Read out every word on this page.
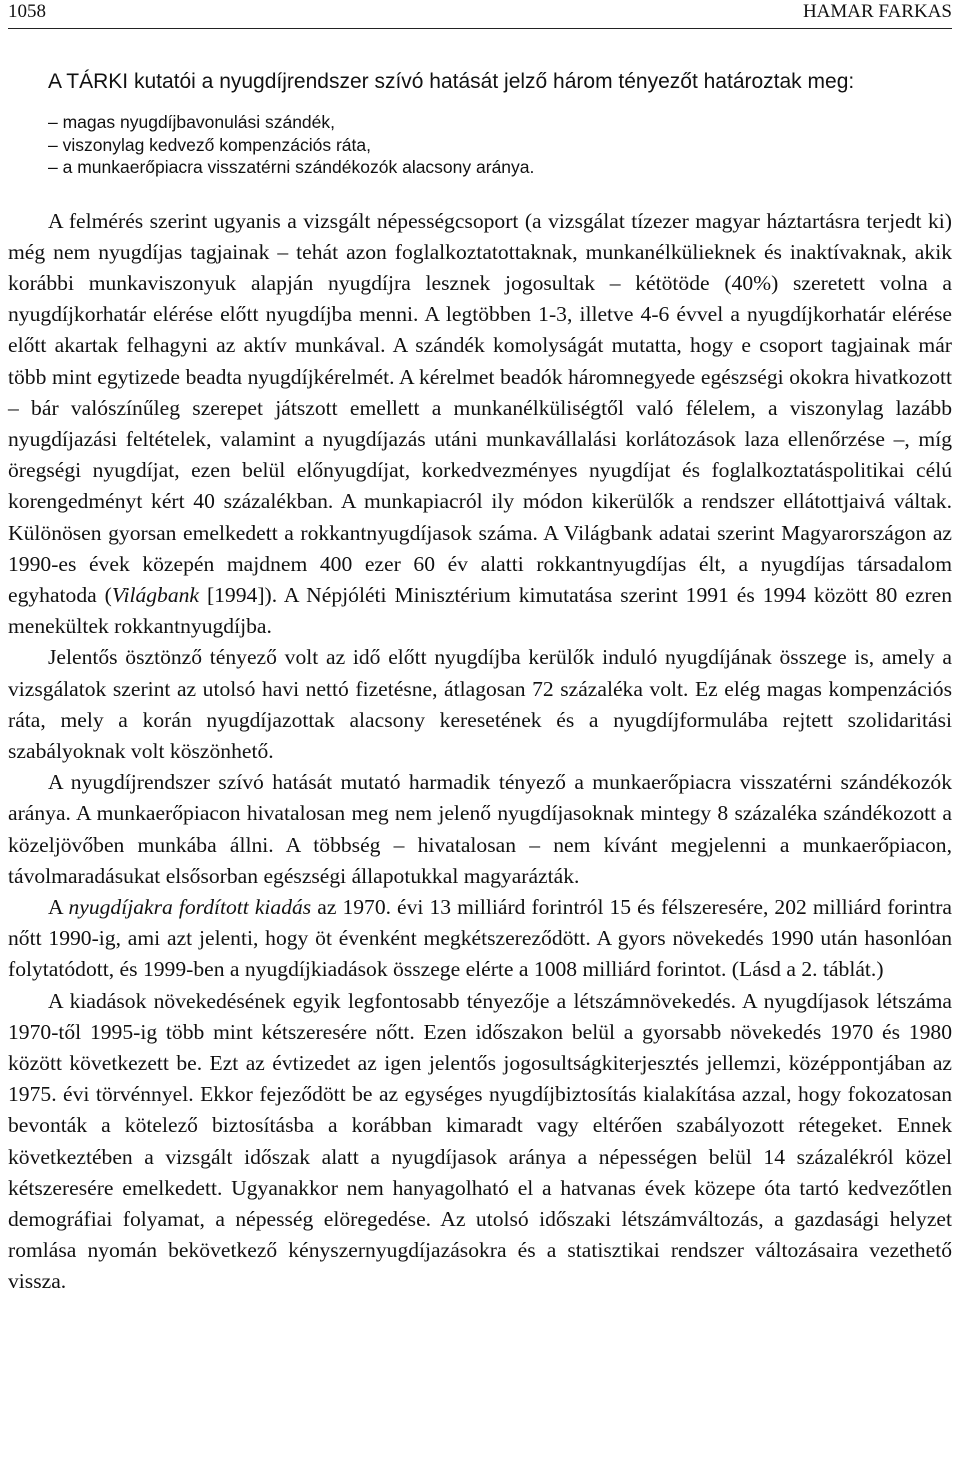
1058	HAMAR FARKAS
A TÁRKI kutatói a nyugdíjrendszer szívó hatását jelző három tényezőt határoztak meg:
– magas nyugdíjbavonulási szándék,
– viszonylag kedvező kompenzációs ráta,
– a munkaerőpiacra visszatérni szándékozók alacsony aránya.

A felmérés szerint ugyanis a vizsgált népességcsoport (a vizsgálat tízezer magyar háztartásra terjedt ki) még nem nyugdíjas tagjainak – tehát azon foglalkoztatottaknak, munkanélkülieknek és inaktívaknak, akik korábbi munkaviszonyuk alapján nyugdíjra lesznek jogosultak – kétötöde (40%) szeretett volna a nyugdíjkorhatár elérése előtt nyugdíjba menni. A legtöbben 1-3, illetve 4-6 évvel a nyugdíjkorhatár elérése előtt akartak felhagyni az aktív munkával. A szándék komolyságát mutatta, hogy e csoport tagjainak már több mint egytizede beadta nyugdíjkérelmét. A kérelmet beadók háromnegyede egészségi okokra hivatkozott – bár valószínűleg szerepet játszott emellett a munkanélküliségtől való félelem, a viszonylag lazább nyugdíjazási feltételek, valamint a nyugdíjazás utáni munkavállalási korlátozások laza ellenőrzése –, míg öregségi nyugdíjat, ezen belül előnyugdíjat, korkedvezményes nyugdíjat és foglalkoztatáspolitikai célú korengedményt kért 40 százalékban. A munkapiacról ily módon kikerülők a rendszer ellátottjaivá váltak. Különösen gyorsan emelkedett a rokkantnyugdíjasok száma. A Világbank adatai szerint Magyarországon az 1990-es évek közepén majdnem 400 ezer 60 év alatti rokkantnyugdíjas élt, a nyugdíjas társadalom egyhatoda (Világbank [1994]). A Népjóléti Minisztérium kimutatása szerint 1991 és 1994 között 80 ezren menekültek rokkantnyugdíjba.

Jelentős ösztönző tényező volt az idő előtt nyugdíjba kerülők induló nyugdíjának összege is, amely a vizsgálatok szerint az utolsó havi nettó fizetésne, átlagosan 72 százaléka volt. Ez elég magas kompenzációs ráta, mely a korán nyugdíjazottak alacsony keresetének és a nyugdíjformulába rejtett szolidaritási szabályoknak volt köszönhető.

A nyugdíjrendszer szívó hatását mutató harmadik tényező a munkaerőpiacra visszatérni szándékozók aránya. A munkaerőpiacon hivatalosan meg nem jelenő nyugdíjasoknak mintegy 8 százaléka szándékozott a közeljövőben munkába állni. A többség – hivatalosan – nem kívánt megjelenni a munkaerőpiacon, távolmaradásukat elsősorban egészségi állapotukkal magyarázták.

A nyugdíjakra fordított kiadás az 1970. évi 13 milliárd forintról 15 és félszeresére, 202 milliárd forintra nőtt 1990-ig, ami azt jelenti, hogy öt évenként megkétszereződött. A gyors növekedés 1990 után hasonlóan folytatódott, és 1999-ben a nyugdíjkiadások összege elérte a 1008 milliárd forintot. (Lásd a 2. táblát.)

A kiadások növekedésének egyik legfontosabb tényezője a létszámnövekedés. A nyugdíjasok létszáma 1970-től 1995-ig több mint kétszeresére nőtt. Ezen időszakon belül a gyorsabb növekedés 1970 és 1980 között következett be. Ezt az évtizedet az igen jelentős jogosultságkiterjesztés jellemzi, középpontjában az 1975. évi törvénnyel. Ekkor fejeződött be az egységes nyugdíjbiztosítás kialakítása azzal, hogy fokozatosan bevonták a kötelező biztosításba a korábban kimaradt vagy eltérően szabályozott rétegeket. Ennek következtében a vizsgált időszak alatt a nyugdíjasok aránya a népességen belül 14 százalékról közel kétszeresére emelkedett. Ugyanakkor nem hanyagolható el a hatvanas évek közepe óta tartó kedvezőtlen demográfiai folyamat, a népesség elöregedése. Az utolsó időszaki létszámváltozás, a gazdasági helyzet romlása nyomán bekövetkező kényszernyugdíjazásokra és a statisztikai rendszer változásaira vezethető vissza.
